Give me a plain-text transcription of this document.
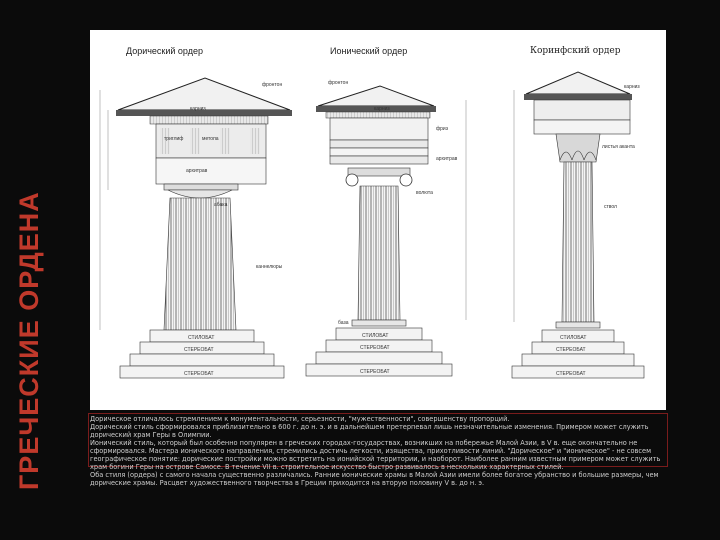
ГРЕЧЕСКИЕ ОРДЕНА
Дорический ордер	Ионический ордер	Коринфский ордер
фронтон
карниз
триглиф	метопа
архитрав
абака
каннелюры
СТИЛОБАТ
СТЕРЕОБАТ
СТЕРЕОБАТ
фронтон
карниз
фриз
архитрав
волюта
база
СТИЛОБАТ
СТЕРЕОБАТ
СТЕРЕОБАТ
карниз
листья аканта
ствол
СТИЛОБАТ
СТЕРЕОБАТ
СТЕРЕОБАТ

Дорическое отличалось стремлением к монументальности, серьезности, "мужественности", совершенству пропорций.

Дорический стиль сформировался приблизительно в 600 г. до н. э. и в дальнейшем претерпевал лишь незначительные изменения. Примером может служить дорический храм Геры в Олимпии.

Ионический стиль, который был особенно популярен в греческих городах-государствах, возникших на побережье Малой Азии, в V в. еще окончательно не сформировался. Мастера ионического направления, стремились достичь легкости, изящества, прихотливости линий. "Дорическое" и "ионическое" - не совсем географическое понятие: дорические постройки можно встретить на ионийской территории, и наоборот. Наиболее ранним известным примером может служить храм богини Геры на острове Самосе. В течение VII в. строительное искусство быстро развивалось в нескольких характерных стилей.

Оба стиля (ордера) с самого начала существенно различались. Ранние ионические храмы в Малой Азии имели более богатое убранство и большие размеры, чем дорические храмы. Расцвет художественного творчества в Греции приходится на вторую половину V в. до н. э.
